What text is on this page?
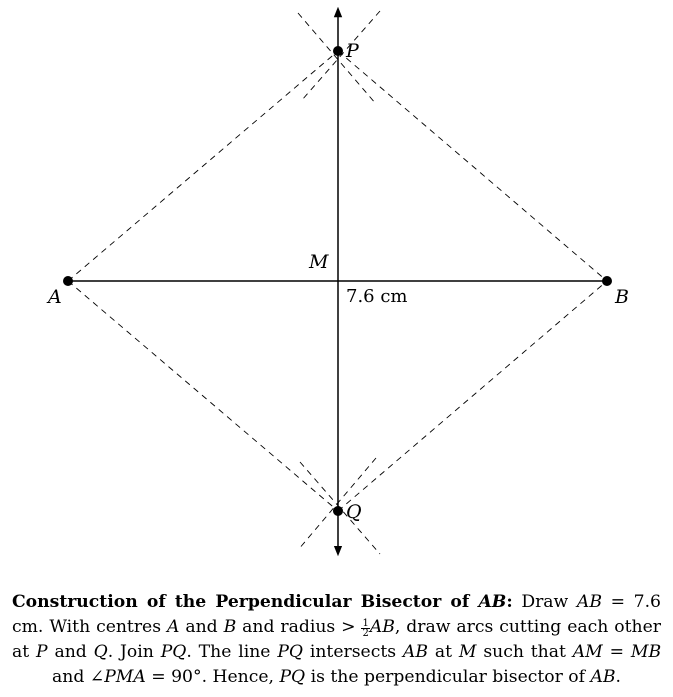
A	B
P
Q
M
7.6 cm
Construction of the Perpendicular Bisector of AB: Draw AB = 7.6 cm. With centres A and B and radius > $\frac{1}{2}$ AB, draw arcs cutting each other at P and Q. Join PQ. The line PQ intersects AB at M such that AM = MB and ∠PMA = 90°. Hence, PQ is the perpendicular bisector of AB.
